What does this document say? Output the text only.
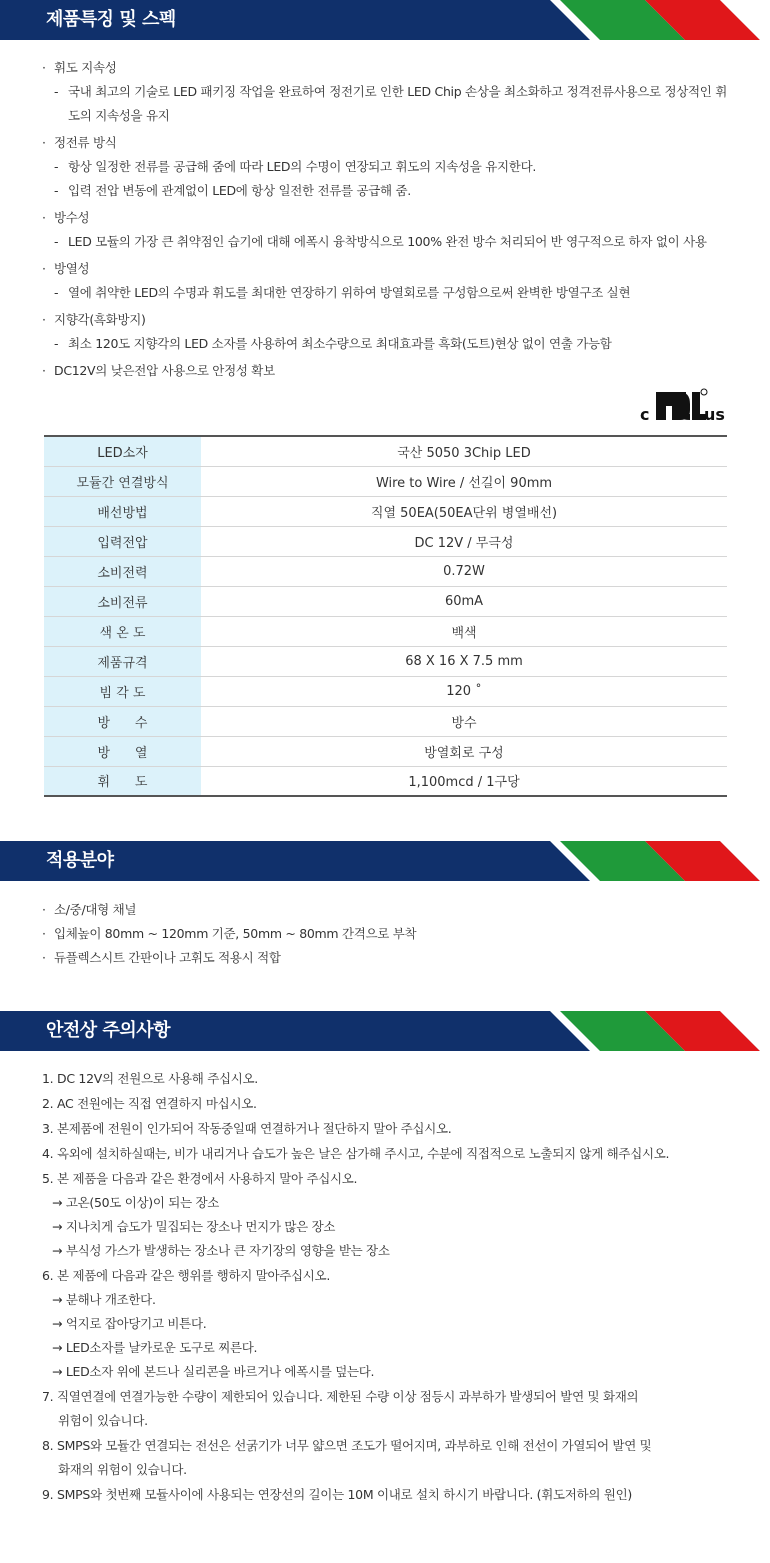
제품특징 및 스펙
· 휘도 지속성
- 국내 최고의 기술로 LED 패키징 작업을 완료하여 정전기로 인한 LED Chip 손상을 최소화하고 정격전류사용으로 정상적인 휘도의 지속성을 유지
· 정전류 방식
- 항상 일정한 전류를 공급해 줌에 따라 LED의 수명이 연장되고 휘도의 지속성을 유지한다.
- 입력 전압 변동에 관계없이 LED에 항상 일전한 전류를 공급해 줌.
· 방수성
- LED 모듈의 가장 큰 취약점인 습기에 대해 에폭시 융착방식으로 100% 완전 방수 처리되어 반 영구적으로 하자 없이 사용
· 방열성
- 열에 취약한 LED의 수명과 휘도를 최대한 연장하기 위하여 방열회로를 구성함으로써 완벽한 방열구조 실현
· 지향각(흑화방지)
- 최소 120도 지향각의 LED 소자를 사용하여 최소수량으로 최대효과를 흑화(도트)현상 없이 연출 가능함
· DC12V의 낮은전압 사용으로 안정성 확보
c	us
LED소자	국산 5050 3Chip LED
모듈간 연결방식	Wire to Wire / 선길이 90mm
배선방법	직열 50EA(50EA단위 병열배선)
입력전압	DC 12V / 무극성
소비전력	0.72W
소비전류	60mA
색 온 도	백색
제품규격	68 X 16 X 7.5 mm
빔 각 도	120 ˚
방      수	방수
방      열	방열회로 구성
휘      도	1,100mcd / 1구당
적용분야
· 소/중/대형 채널
· 입체높이 80mm ~ 120mm 기준, 50mm ~ 80mm 간격으로 부착
· 듀플렉스시트 간판이나 고휘도 적용시 적합
안전상 주의사항
1. DC 12V의 전원으로 사용해 주십시오.
2. AC 전원에는 직접 연결하지 마십시오.
3. 본제품에 전원이 인가되어 작동중일때 연결하거나 절단하지 말아 주십시오.
4. 옥외에 설치하실때는, 비가 내리거나 습도가 높은 날은 삼가해 주시고, 수분에 직접적으로 노출되지 않게 해주십시오.
5. 본 제품을 다음과 같은 환경에서 사용하지 말아 주십시오.
→ 고온(50도 이상)이 되는 장소
→ 지나치게 습도가 밀집되는 장소나 먼지가 많은 장소
→ 부식성 가스가 발생하는 장소나 큰 자기장의 영향을 받는 장소
6. 본 제품에 다음과 같은 행위를 행하지 말아주십시오.
→ 분해나 개조한다.
→ 억지로 잡아당기고 비튼다.
→ LED소자를 날카로운 도구로 찌른다.
→ LED소자 위에 본드나 실리콘을 바르거나 에폭시를 덮는다.
7. 직열연결에 연결가능한 수량이 제한되어 있습니다. 제한된 수량 이상 점등시 과부하가 발생되어 발연 및 화재의
위험이 있습니다.
8. SMPS와 모듈간 연결되는 전선은 선굵기가 너무 얇으면 조도가 떨어지며, 과부하로 인해 전선이 가열되어 발연 및
화재의 위험이 있습니다.
9. SMPS와 첫번째 모듈사이에 사용되는 연장선의 길이는 10M 이내로 설치 하시기 바랍니다. (휘도저하의 원인)
